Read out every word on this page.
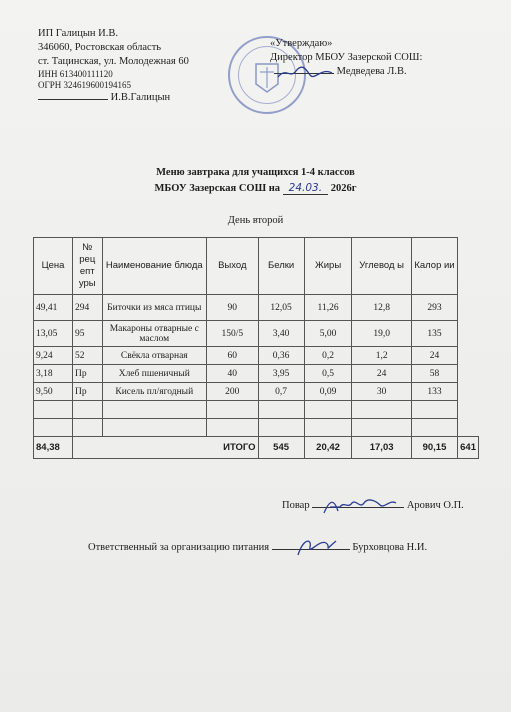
ИП Галицын И.В.
346060, Ростовская область
ст. Тацинская, ул. Молодежная 60
ИНН 613400111120
ОГРН 324619600194165
И.В.Галицын
«Утверждаю»
Директор МБОУ Зазерской СОШ:
Медведева Л.В.
Меню завтрака для учащихся 1-4 классов
МБОУ Зазерская СОШ на 24.03. 2026г
День второй
Цена	№ рец епт уры	Наименование блюда	Выход	Белки	Жиры	Углевод ы	Калор ии	
49,41	294	Биточки из мяса птицы	90	12,05	11,26	12,8	293	
13,05	95	Макароны отварные с маслом	150/5	3,40	5,00	19,0	135	
9,24	52	Свёкла отварная	60	0,36	0,2	1,2	24	
3,18	Пр	Хлеб пшеничный	40	3,95	0,5	24	58	
9,50	Пр	Кисель пл/ягодный	200	0,7	0,09	30	133	

84,38	ИТОГО			545	20,42	17,03	90,15	641
Повар	Арович О.П.
Ответственный за организацию питания	Бурховцова Н.И.
